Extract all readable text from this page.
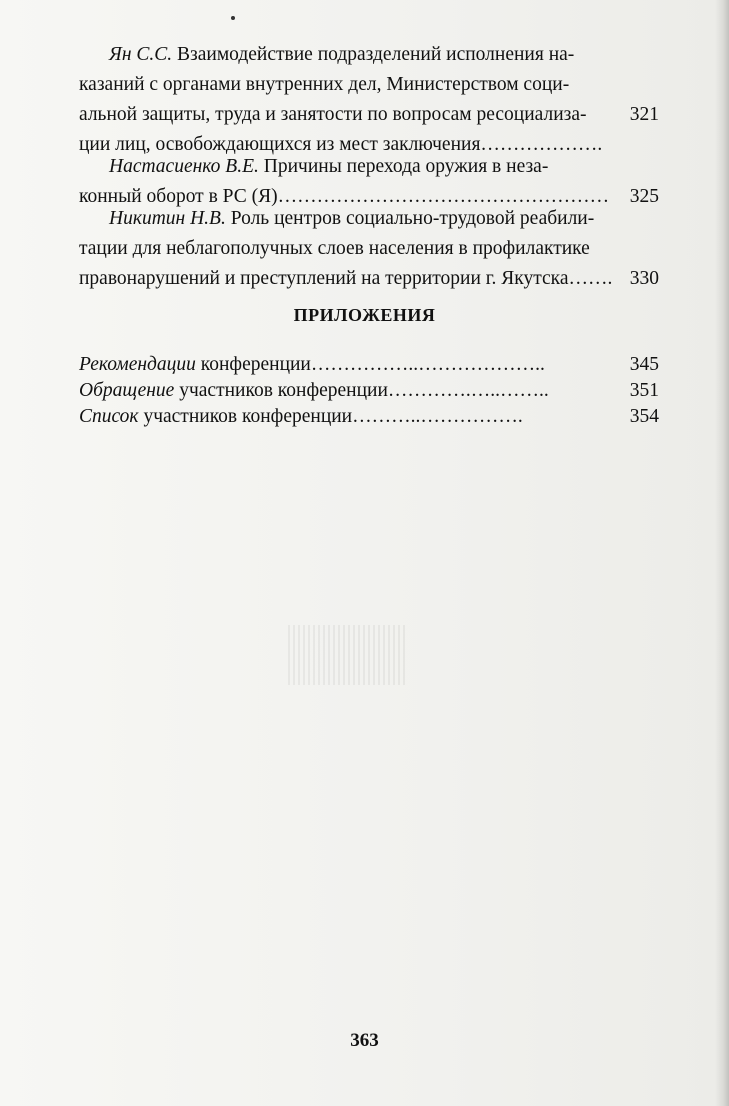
Ян С.С. Взаимодействие подразделений исполнения на-
казаний с органами внутренних дел, Министерством соци-
альной защиты, труда и занятости по вопросам ресоциализа-	321
ции лиц, освобождающихся из мест заключения……………….
Настасиенко В.Е. Причины перехода оружия в неза-
конный оборот в РС (Я)……………………………………………	325
Никитин Н.В. Роль центров социально-трудовой реабили-
тации для неблагополучных слоев населения в профилактике
правонарушений и преступлений на территории г. Якутска……. 330
ПРИЛОЖЕНИЯ
Рекомендации конференции……………..………………..	345
Обращение участников конференции………….…..……..	351
Список участников конференции………..…………….	354
363
